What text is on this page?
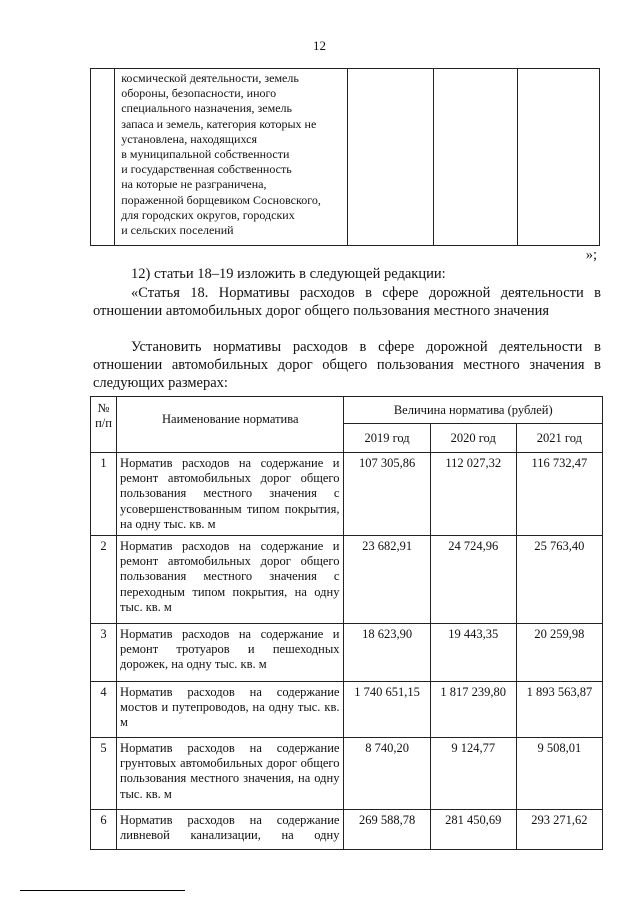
12

космической деятельности, земель
обороны, безопасности, иного
специального назначения, земель
запаса и земель, категория которых не
установлена, находящихся
в муниципальной собственности
и государственная собственность
на которые не разграничена,
пораженной борщевиком Сосновского,
для городских округов, городских
и сельских поселений

»;
12) статьи 18–19 изложить в следующей редакции:
«Статья 18. Нормативы расходов в сфере дорожной деятельности в отношении автомобильных дорог общего пользования местного значения
Установить нормативы расходов в сфере дорожной деятельности в отношении автомобильных дорог общего пользования местного значения в следующих размерах:
№ п/п	Наименование норматива	Величина норматива (рублей)		
		2019 год	2020 год	2021 год
1	Норматив расходов на содержание и ремонт автомобильных дорог общего пользования местного значения с усовершенствованным типом покрытия, на одну тыс. кв. м	107 305,86	112 027,32	116 732,47
2	Норматив расходов на содержание и ремонт автомобильных дорог общего пользования местного значения с переходным типом покрытия, на одну тыс. кв. м	23 682,91	24 724,96	25 763,40
3	Норматив расходов на содержание и ремонт тротуаров и пешеходных дорожек, на одну тыс. кв. м	18 623,90	19 443,35	20 259,98
4	Норматив расходов на содержание мостов и путепроводов, на одну тыс. кв. м	1 740 651,15	1 817 239,80	1 893 563,87
5	Норматив расходов на содержание грунтовых автомобильных дорог общего пользования местного значения, на одну тыс. кв. м	8 740,20	9 124,77	9 508,01
6	Норматив расходов на содержание ливневой канализации, на одну	269 588,78	281 450,69	293 271,62
